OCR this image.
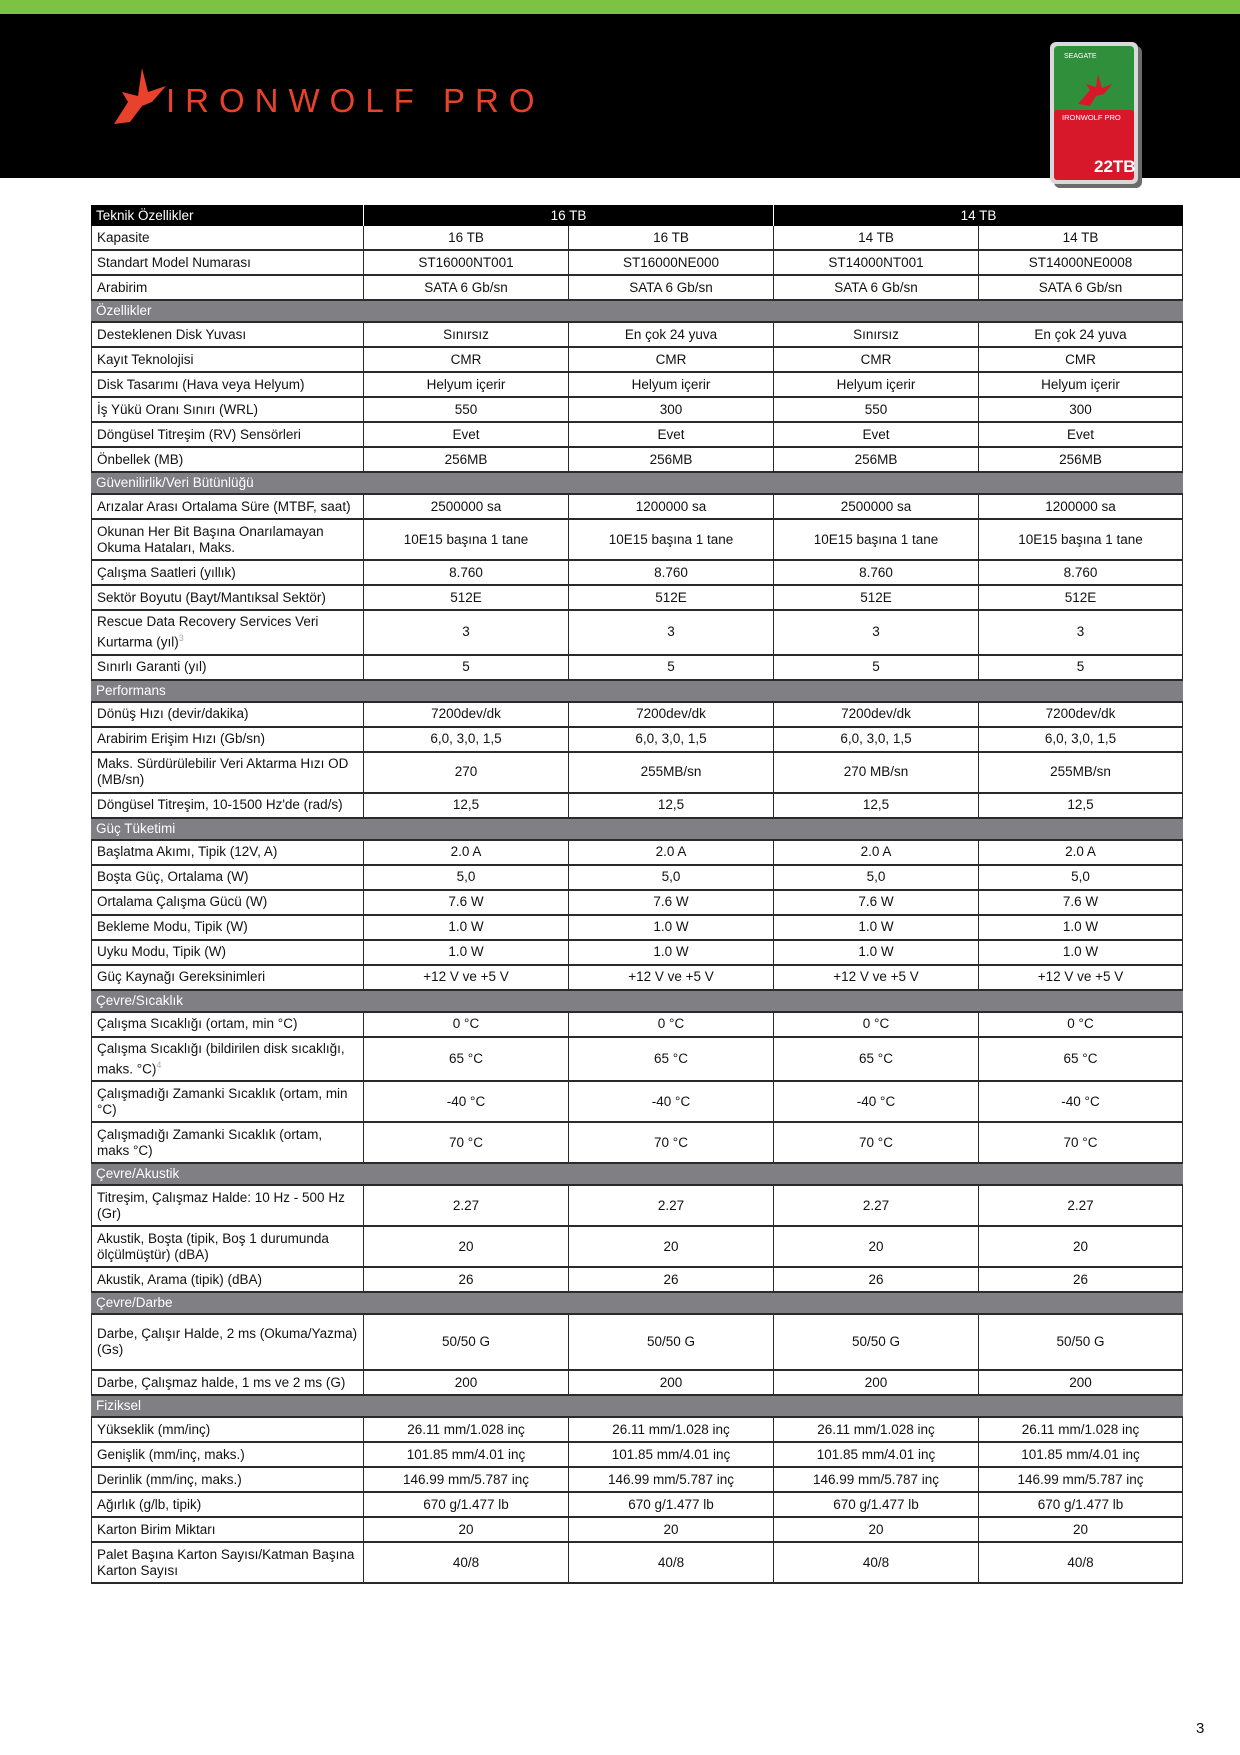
IRONWOLF PRO
SEAGATE
IRONWOLF PRO
22TB
Teknik Özellikler	16 TB		14 TB	
Kapasite	16 TB	16 TB	14 TB	14 TB
Standart Model Numarası	ST16000NT001	ST16000NE000	ST14000NT001	ST14000NE0008
Arabirim	SATA 6 Gb/sn	SATA 6 Gb/sn	SATA 6 Gb/sn	SATA 6 Gb/sn
Özellikler				
Desteklenen Disk Yuvası	Sınırsız	En çok 24 yuva	Sınırsız	En çok 24 yuva
Kayıt Teknolojisi	CMR	CMR	CMR	CMR
Disk Tasarımı (Hava veya Helyum)	Helyum içerir	Helyum içerir	Helyum içerir	Helyum içerir
İş Yükü Oranı Sınırı (WRL)	550	300	550	300
Döngüsel Titreşim (RV) Sensörleri	Evet	Evet	Evet	Evet
Önbellek (MB)	256MB	256MB	256MB	256MB
Güvenilirlik/Veri Bütünlüğü				
Arızalar Arası Ortalama Süre (MTBF, saat)	2500000 sa	1200000 sa	2500000 sa	1200000 sa
Okunan Her Bit Başına Onarılamayan Okuma Hataları, Maks.	10E15 başına 1 tane	10E15 başına 1 tane	10E15 başına 1 tane	10E15 başına 1 tane
Çalışma Saatleri (yıllık)	8.760	8.760	8.760	8.760
Sektör Boyutu (Bayt/Mantıksal Sektör)	512E	512E	512E	512E
Rescue Data Recovery Services Veri Kurtarma (yıl)$^3$	3	3	3	3
Sınırlı Garanti (yıl)	5	5	5	5
Performans				
Dönüş Hızı (devir/dakika)	7200dev/dk	7200dev/dk	7200dev/dk	7200dev/dk
Arabirim Erişim Hızı (Gb/sn)	6,0, 3,0, 1,5	6,0, 3,0, 1,5	6,0, 3,0, 1,5	6,0, 3,0, 1,5
Maks. Sürdürülebilir Veri Aktarma Hızı OD (MB/sn)	270	255MB/sn	270 MB/sn	255MB/sn
Döngüsel Titreşim, 10-1500 Hz'de (rad/s)	12,5	12,5	12,5	12,5
Güç Tüketimi				
Başlatma Akımı, Tipik (12V, A)	2.0 A	2.0 A	2.0 A	2.0 A
Boşta Güç, Ortalama (W)	5,0	5,0	5,0	5,0
Ortalama Çalışma Gücü (W)	7.6 W	7.6 W	7.6 W	7.6 W
Bekleme Modu, Tipik (W)	1.0 W	1.0 W	1.0 W	1.0 W
Uyku Modu, Tipik (W)	1.0 W	1.0 W	1.0 W	1.0 W
Güç Kaynağı Gereksinimleri	+12 V ve +5 V	+12 V ve +5 V	+12 V ve +5 V	+12 V ve +5 V
Çevre/Sıcaklık				
Çalışma Sıcaklığı (ortam, min °C)	0 °C	0 °C	0 °C	0 °C
Çalışma Sıcaklığı (bildirilen disk sıcaklığı, maks. °C)$^4$	65 °C	65 °C	65 °C	65 °C
Çalışmadığı Zamanki Sıcaklık (ortam, min °C)	-40 °C	-40 °C	-40 °C	-40 °C
Çalışmadığı Zamanki Sıcaklık (ortam, maks °C)	70 °C	70 °C	70 °C	70 °C
Çevre/Akustik				
Titreşim, Çalışmaz Halde: 10 Hz - 500 Hz (Gr)	2.27	2.27	2.27	2.27
Akustik, Boşta (tipik, Boş 1 durumunda ölçülmüştür) (dBA)	20	20	20	20
Akustik, Arama (tipik) (dBA)	26	26	26	26
Çevre/Darbe				
Darbe, Çalışır Halde, 2 ms (Okuma/Yazma) (Gs)	50/50 G	50/50 G	50/50 G	50/50 G
Darbe, Çalışmaz halde, 1 ms ve 2 ms (G)	200	200	200	200
Fiziksel				
Yükseklik (mm/inç)	26.11 mm/1.028 inç	26.11 mm/1.028 inç	26.11 mm/1.028 inç	26.11 mm/1.028 inç
Genişlik (mm/inç, maks.)	101.85 mm/4.01 inç	101.85 mm/4.01 inç	101.85 mm/4.01 inç	101.85 mm/4.01 inç
Derinlik (mm/inç, maks.)	146.99 mm/5.787 inç	146.99 mm/5.787 inç	146.99 mm/5.787 inç	146.99 mm/5.787 inç
Ağırlık (g/lb, tipik)	670 g/1.477 lb	670 g/1.477 lb	670 g/1.477 lb	670 g/1.477 lb
Karton Birim Miktarı	20	20	20	20
Palet Başına Karton Sayısı/Katman Başına Karton Sayısı	40/8	40/8	40/8	40/8
3
